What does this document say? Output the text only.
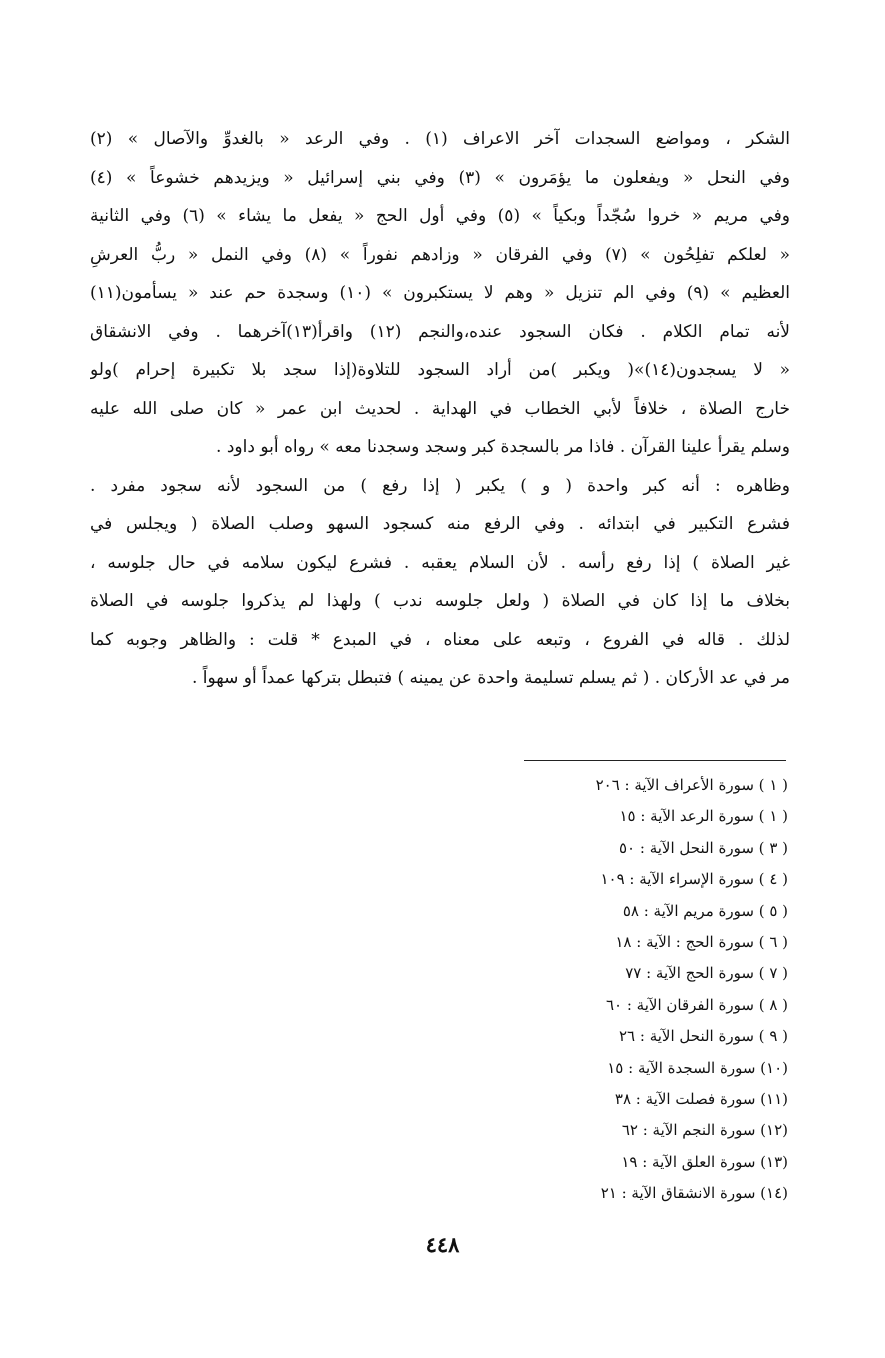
الشكر ، ومواضع السجدات آخر الاعراف (١) . وفي الرعد « بالغدوِّ والآصال » (٢)
وفي النحل « ويفعلون ما يؤمَرون » (٣) وفي بني إسرائيل « ويزيدهم خشوعاً » (٤)
وفي مريم « خروا سُجّداً وبكياً » (٥) وفي أول الحج « يفعل ما يشاء » (٦) وفي الثانية
« لعلكم تفلِحُون » (٧) وفي الفرقان « وزادهم نفوراً » (٨) وفي النمل « ربُّ العرشِ
العظيم » (٩) وفي الم تنزيل « وهم لا يستكبرون » (١٠) وسجدة حم عند « يسأمون(١١)
لأنه تمام الكلام . فكان السجود عنده،والنجم (١٢) واقرأ(١٣)آخرهما . وفي الانشقاق
« لا يسجدون(١٤)»( ويكبر )من أراد السجود للتلاوة(إذا سجد بلا تكبيرة إحرام )ولو
خارج الصلاة ، خلافاً لأبي الخطاب في الهداية . لحديث ابن عمر « كان صلى الله عليه
وسلم يقرأ علينا القرآن . فاذا مر بالسجدة كبر وسجد وسجدنا معه » رواه أبو داود .
وظاهره : أنه كبر واحدة ( و ) يكبر ( إذا رفع ) من السجود لأنه سجود مفرد .
فشرع التكبير في ابتدائه . وفي الرفع منه كسجود السهو وصلب الصلاة ( ويجلس في
غير الصلاة ) إذا رفع رأسه . لأن السلام يعقبه . فشرع ليكون سلامه في حال جلوسه ،
بخلاف ما إذا كان في الصلاة ( ولعل جلوسه ندب ) ولهذا لم يذكروا جلوسه في الصلاة
لذلك . قاله في الفروع ، وتبعه على معناه ، في المبدع * قلت : والظاهر وجوبه كما
مر في عد الأركان . ( ثم يسلم تسليمة واحدة عن يمينه ) فتبطل بتركها عمداً أو سهواً .
( ١ ) سورة الأعراف الآية : ٢٠٦
( ١ ) سورة الرعد الآية : ١٥
( ٣ ) سورة النحل الآية : ٥٠
( ٤ ) سورة الإسراء الآية : ١٠٩
( ٥ ) سورة مريم الآية : ٥٨
( ٦ ) سورة الحج : الآية : ١٨
( ٧ ) سورة الحج الآية : ٧٧
( ٨ ) سورة الفرقان الآية : ٦٠
( ٩ ) سورة النحل الآية : ٢٦
(١٠) سورة السجدة الآية : ١٥
(١١) سورة فصلت الآية : ٣٨
(١٢) سورة النجم الآية : ٦٢
(١٣) سورة العلق الآية : ١٩
(١٤) سورة الانشقاق الآية : ٢١
٤٤٨
